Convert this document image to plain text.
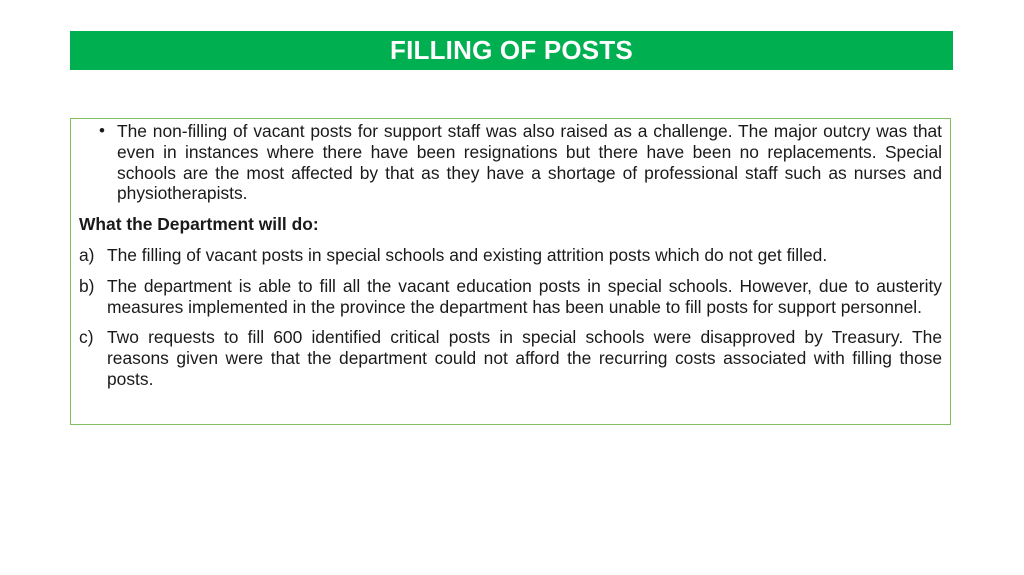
FILLING OF POSTS
• The non-filling of vacant posts for support staff was also raised as a challenge. The major outcry was that even in instances where there have been resignations but there have been no replacements. Special schools are the most affected by that as they have a shortage of professional staff such as nurses and physiotherapists.
What the Department will do:
a) The filling of vacant posts in special schools and existing attrition posts which do not get filled.
b) The department is able to fill all the vacant education posts in special schools. However, due to austerity measures implemented in the province the department has been unable to fill posts for support personnel.
c) Two requests to fill 600 identified critical posts in special schools were disapproved by Treasury. The reasons given were that the department could not afford the recurring costs associated with filling those posts.
